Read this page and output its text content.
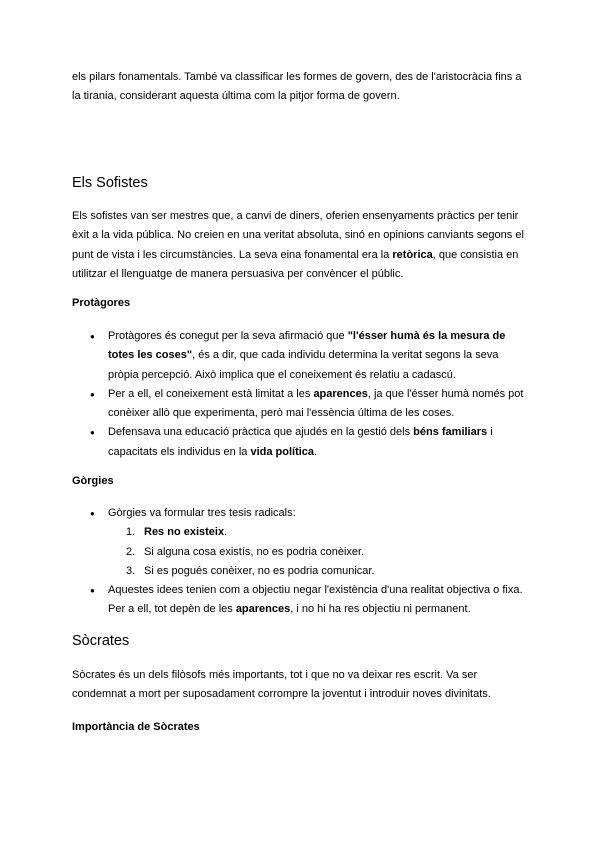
els pilars fonamentals. També va classificar les formes de govern, des de l'aristocràcia fins a la tirania, considerant aquesta última com la pitjor forma de govern.

Els Sofistes

Els sofistes van ser mestres que, a canvi de diners, oferien ensenyaments pràctics per tenir èxit a la vida pública. No creien en una veritat absoluta, sinó en opinions canviants segons el punt de vista i les circumstàncies. La seva eina fonamental era la retòrica, que consistia en utilitzar el llenguatge de manera persuasiva per convèncer el públic.

Protàgores
● Protàgores és conegut per la seva afirmació que "l'ésser humà és la mesura de totes les coses", és a dir, que cada individu determina la veritat segons la seva pròpia percepció. Això implica que el coneixement és relatiu a cadascú.
● Per a ell, el coneixement està limitat a les aparences, ja que l'ésser humà només pot conèixer allò que experimenta, però mai l'essència última de les coses.
● Defensava una educació pràctica que ajudés en la gestió dels béns familiars i capacitats els individus en la vida política.
Gòrgies
● Gòrgies va formular tres tesis radicals:
1. Res no existeix.
2. Si alguna cosa existís, no es podria conèixer.
3. Si es pogués conèixer, no es podria comunicar.
● Aquestes idees tenien com a objectiu negar l'existència d'una realitat objectiva o fixa. Per a ell, tot depèn de les aparences, i no hi ha res objectiu ni permanent.
Sòcrates

Sòcrates és un dels filòsofs més importants, tot i que no va deixar res escrit. Va ser condemnat a mort per suposadament corrompre la joventut i introduir noves divinitats.

Importància de Sòcrates
